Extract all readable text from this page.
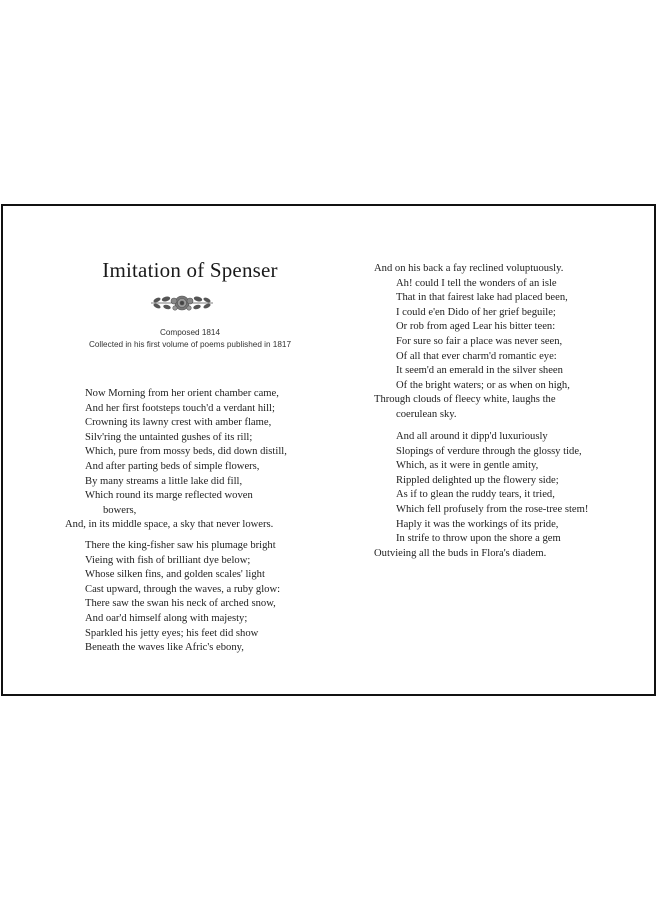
Imitation of Spenser
Composed 1814
Collected in his first volume of poems published in 1817
Now Morning from her orient chamber came,
And her first footsteps touch'd a verdant hill;
Crowning its lawny crest with amber flame,
Silv'ring the untainted gushes of its rill;
Which, pure from mossy beds, did down distill,
And after parting beds of simple flowers,
By many streams a little lake did fill,
Which round its marge reflected woven
bowers,
And, in its middle space, a sky that never lowers.
There the king-fisher saw his plumage bright
Vieing with fish of brilliant dye below;
Whose silken fins, and golden scales' light
Cast upward, through the waves, a ruby glow:
There saw the swan his neck of arched snow,
And oar'd himself along with majesty;
Sparkled his jetty eyes; his feet did show
Beneath the waves like Afric's ebony,
And on his back a fay reclined voluptuously.
Ah! could I tell the wonders of an isle
That in that fairest lake had placed been,
I could e'en Dido of her grief beguile;
Or rob from aged Lear his bitter teen:
For sure so fair a place was never seen,
Of all that ever charm'd romantic eye:
It seem'd an emerald in the silver sheen
Of the bright waters; or as when on high,
Through clouds of fleecy white, laughs the
coerulean sky.
And all around it dipp'd luxuriously
Slopings of verdure through the glossy tide,
Which, as it were in gentle amity,
Rippled delighted up the flowery side;
As if to glean the ruddy tears, it tried,
Which fell profusely from the rose-tree stem!
Haply it was the workings of its pride,
In strife to throw upon the shore a gem
Outvieing all the buds in Flora's diadem.
